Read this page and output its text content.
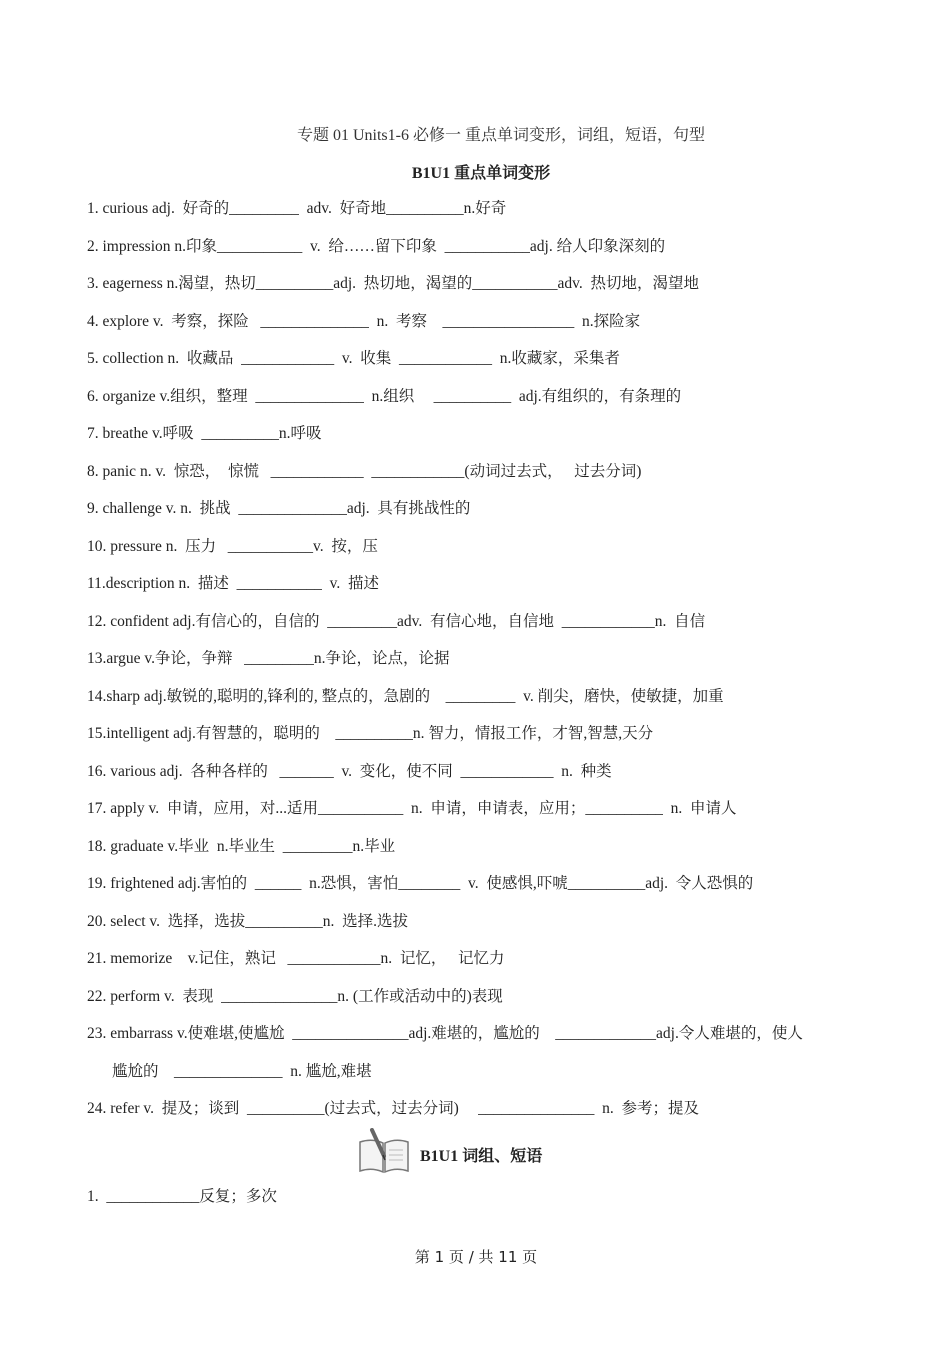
专题 01 Units1-6 必修一 重点单词变形，词组，短语，句型
B1U1 重点单词变形
1. curious adj.  好奇的_________  adv.  好奇地__________n.好奇
2. impression n.印象___________  v.  给……留下印象  ___________adj. 给人印象深刻的
3. eagerness n.渴望，热切__________adj.  热切地，渴望的___________adv.  热切地，渴望地
4. explore v.  考察，探险   ______________  n.  考察    _________________  n.探险家
5. collection n.  收藏品  ____________  v.  收集  ____________  n.收藏家，采集者
6. organize v.组织，整理  ______________  n.组织     __________  adj.有组织的，有条理的
7. breathe v.呼吸  __________n.呼吸
8. panic n. v.  惊恐，  惊慌   ____________  ____________(动词过去式，   过去分词)
9. challenge v. n.  挑战  ______________adj.  具有挑战性的
10. pressure n.  压力   ___________v.  按，压
11.description n.  描述  ___________  v.  描述
12. confident adj.有信心的，自信的  _________adv.  有信心地，自信地  ____________n.  自信
13.argue v.争论，争辩   _________n.争论，论点，论据
14.sharp adj.敏锐的,聪明的,锋利的, 整点的，急剧的    _________  v. 削尖，磨快，使敏捷，加重
15.intelligent adj.有智慧的，聪明的    __________n. 智力，情报工作，才智,智慧,天分
16. various adj.  各种各样的   _______  v.  变化，使不同  ____________  n.  种类
17. apply v.  申请，应用，对...适用___________  n.  申请，申请表，应用；__________  n.  申请人
18. graduate v.毕业  n.毕业生  _________n.毕业
19. frightened adj.害怕的  ______  n.恐惧，害怕________  v.  使感惧,吓唬__________adj.  令人恐惧的
20. select v.  选择，选拔__________n.  选择.选拔
21. memorize    v.记住，熟记   ____________n.  记忆，   记忆力
22. perform v.  表现  _______________n. (工作或活动中的)表现
23. embarrass v.使难堪,使尴尬  _______________adj.难堪的，尴尬的    _____________adj.令人难堪的，使人
尴尬的    ______________  n. 尴尬,难堪
24. refer v.  提及；谈到  __________(过去式，过去分词)     _______________  n.  参考；提及
B1U1 词组、短语
1.  ____________反复；多次
第 1 页 / 共 11 页
